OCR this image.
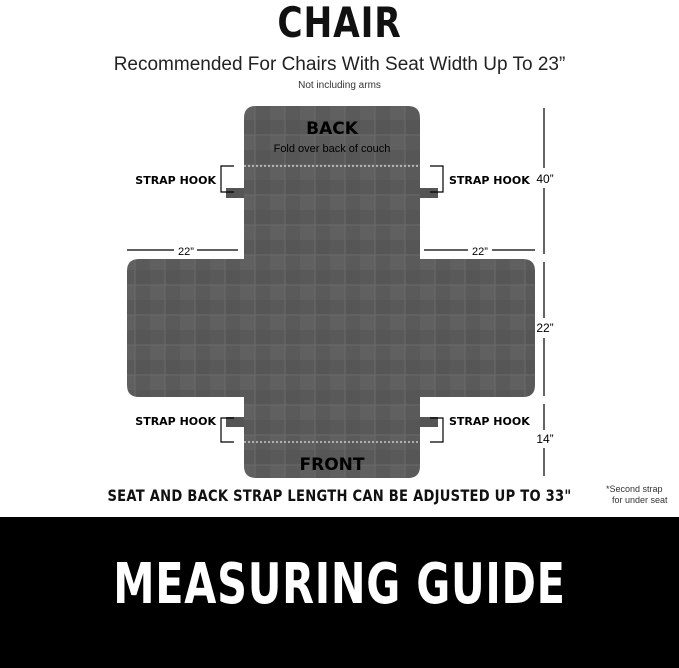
CHAIR
Recommended For Chairs With Seat Width Up To 23”
Not including arms
BACK
Fold over back of couch
FRONT
STRAP HOOK	STRAP HOOK
STRAP HOOK	STRAP HOOK
22”	22”
40”
22”
14”
SEAT AND BACK STRAP LENGTH CAN BE ADJUSTED UP TO 33"	*Second strap
for under seat
MEASURING GUIDE
